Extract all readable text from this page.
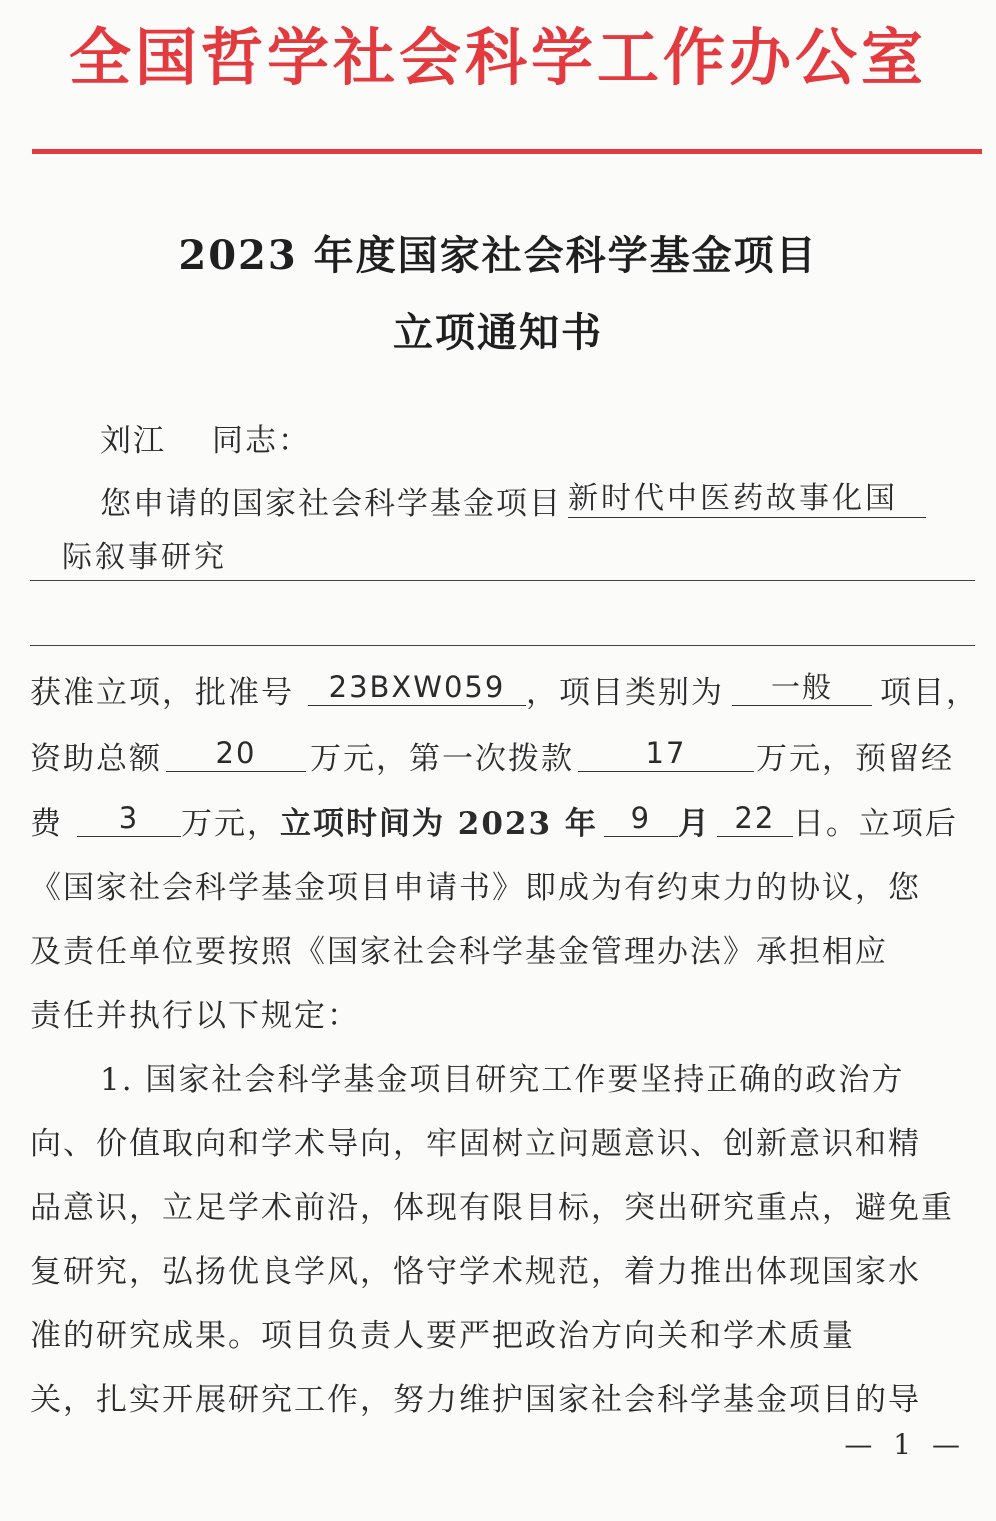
全国哲学社会科学工作办公室
2023 年度国家社会科学基金项目
立项通知书
刘江 同志：
您申请的国家社会科学基金项目 新时代中医药故事化国
际叙事研究
获准立项，批准号 23BXW059 ，项目类别为 一般 项目，
资助总额 20 万元，第一次拨款 17 万元，预留经
费 3 万元，立项时间为 2023 年 9 月 22 日。立项后
《国家社会科学基金项目申请书》即成为有约束力的协议，您
及责任单位要按照《国家社会科学基金管理办法》承担相应
责任并执行以下规定：
1. 国家社会科学基金项目研究工作要坚持正确的政治方
向、价值取向和学术导向，牢固树立问题意识、创新意识和精
品意识，立足学术前沿，体现有限目标，突出研究重点，避免重
复研究，弘扬优良学风，恪守学术规范，着力推出体现国家水
准的研究成果。项目负责人要严把政治方向关和学术质量
关，扎实开展研究工作，努力维护国家社会科学基金项目的导
— 1 —
